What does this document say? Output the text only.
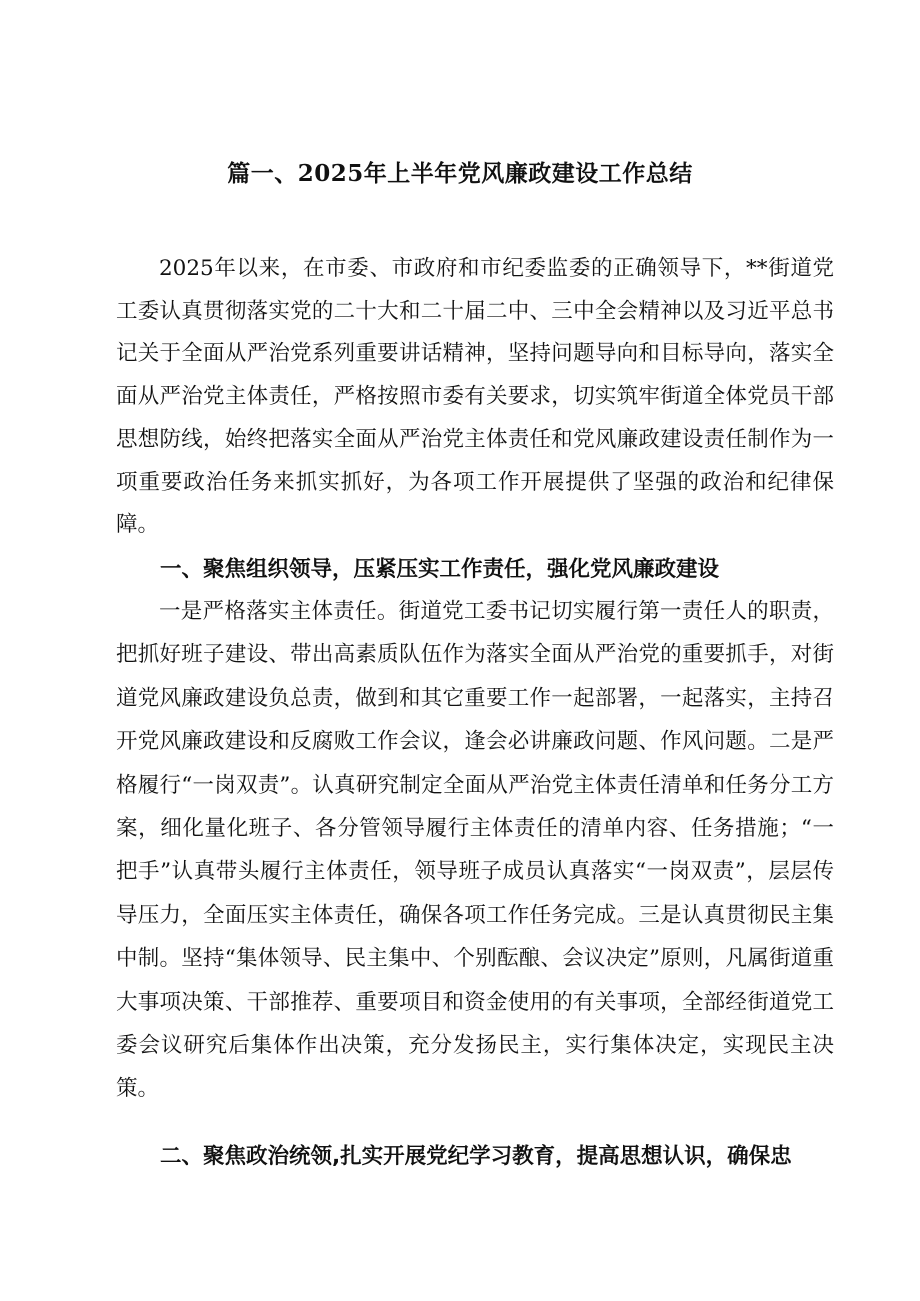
篇一、2025年上半年党风廉政建设工作总结

2025年以来，在市委、市政府和市纪委监委的正确领导下，**街道党工委认真贯彻落实党的二十大和二十届二中、三中全会精神以及习近平总书记关于全面从严治党系列重要讲话精神，坚持问题导向和目标导向，落实全面从严治党主体责任，严格按照市委有关要求，切实筑牢街道全体党员干部思想防线，始终把落实全面从严治党主体责任和党风廉政建设责任制作为一项重要政治任务来抓实抓好，为各项工作开展提供了坚强的政治和纪律保障。

一、聚焦组织领导，压紧压实工作责任，强化党风廉政建设

一是严格落实主体责任。街道党工委书记切实履行第一责任人的职责，把抓好班子建设、带出高素质队伍作为落实全面从严治党的重要抓手，对街道党风廉政建设负总责，做到和其它重要工作一起部署，一起落实，主持召开党风廉政建设和反腐败工作会议，逢会必讲廉政问题、作风问题。二是严格履行“一岗双责”。认真研究制定全面从严治党主体责任清单和任务分工方案，细化量化班子、各分管领导履行主体责任的清单内容、任务措施；“一把手”认真带头履行主体责任，领导班子成员认真落实“一岗双责”，层层传导压力，全面压实主体责任，确保各项工作任务完成。三是认真贯彻民主集中制。坚持“集体领导、民主集中、个别酝酿、会议决定”原则，凡属街道重大事项决策、干部推荐、重要项目和资金使用的有关事项，全部经街道党工委会议研究后集体作出决策，充分发扬民主，实行集体决定，实现民主决策。

二、聚焦政治统领,扎实开展党纪学习教育，提高思想认识，确保忠
